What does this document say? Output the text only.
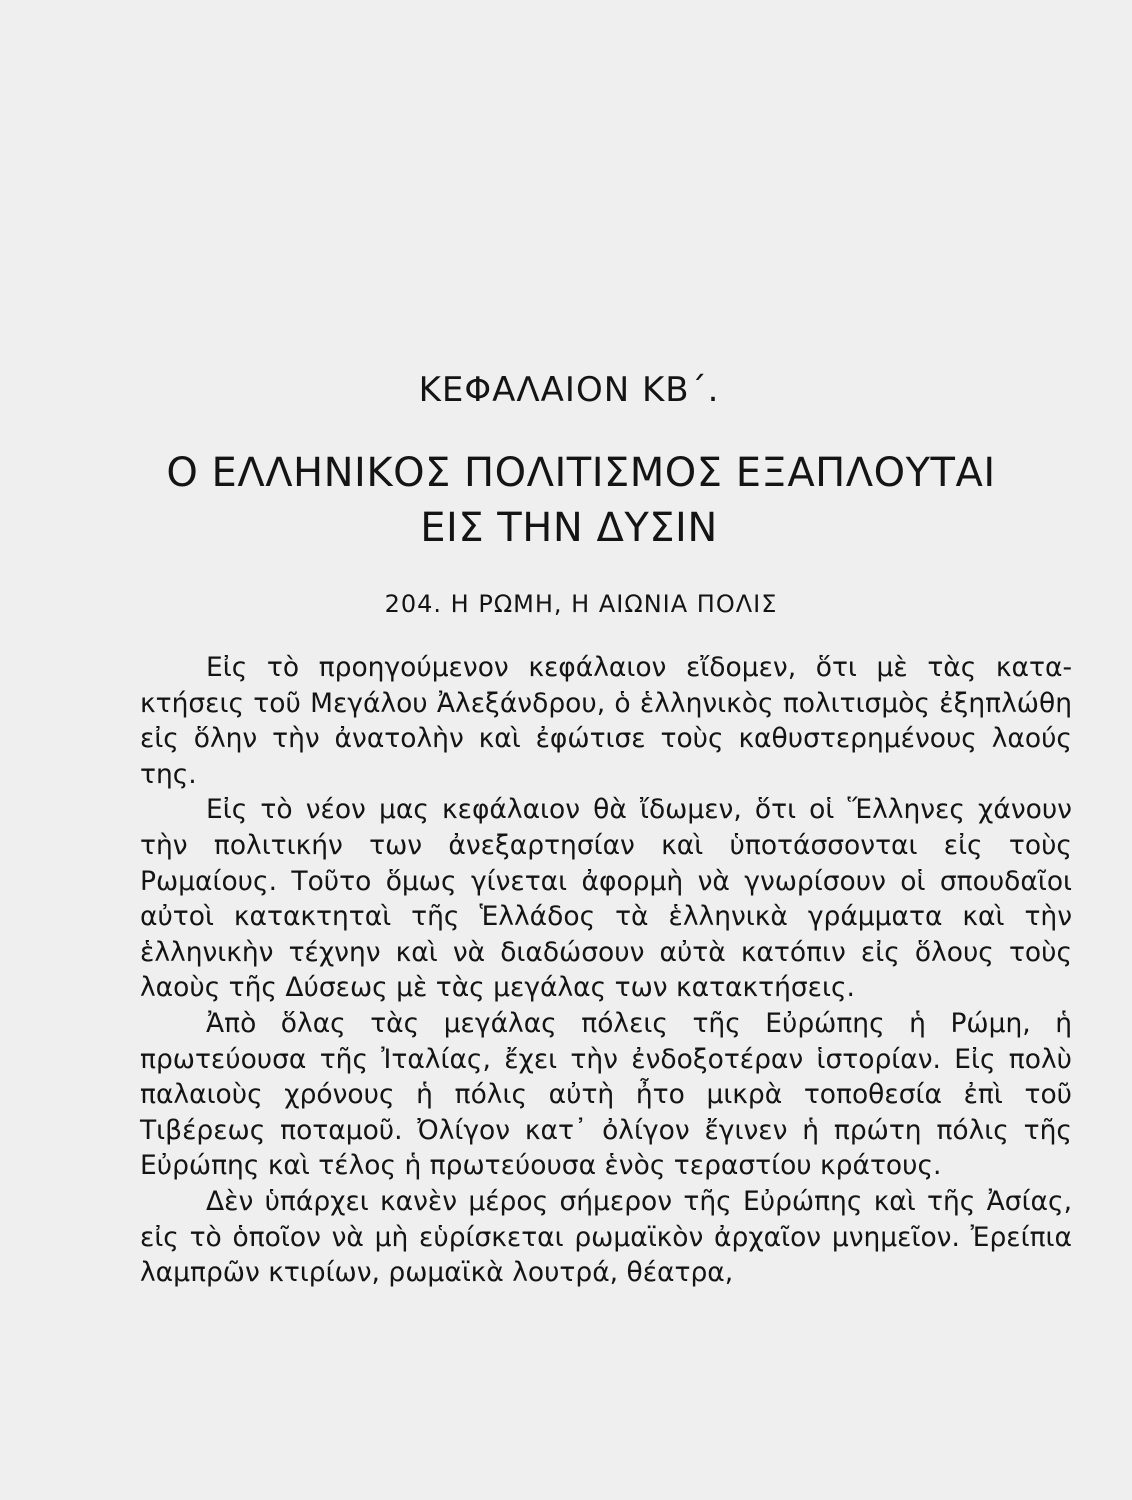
ΚΕΦΑΛΑΙΟΝ ΚΒ΄.
Ο ΕΛΛΗΝΙΚΟΣ ΠΟΛΙΤΙΣΜΟΣ ΕΞΑΠΛΟΥΤΑΙ
ΕΙΣ ΤΗΝ ΔΥΣΙΝ
204. Η ΡΩΜΗ, Η ΑΙΩΝΙΑ ΠΟΛΙΣ

Εἰς τὸ προηγούμενον κεφάλαιον εἴδομεν, ὅτι μὲ τὰς κατακτήσεις τοῦ Μεγάλου Ἀλεξάνδρου, ὁ ἑλληνικὸς πολιτισμὸς ἐξηπλώθη εἰς ὅλην τὴν ἀνατολὴν καὶ ἐφώτισε τοὺς καθυστερημένους λαούς της.

Εἰς τὸ νέον μας κεφάλαιον θὰ ἴδωμεν, ὅτι οἱ Ἕλληνες χάνουν τὴν πολιτικήν των ἀνεξαρτησίαν καὶ ὑποτάσσονται εἰς τοὺς Ρωμαίους. Τοῦτο ὅμως γίνεται ἀφορμὴ νὰ γνωρίσουν οἱ σπουδαῖοι αὐτοὶ κατακτηταὶ τῆς Ἑλλάδος τὰ ἑλληνικὰ γράμματα καὶ τὴν ἑλληνικὴν τέχνην καὶ νὰ διαδώσουν αὐτὰ κατόπιν εἰς ὅλους τοὺς λαοὺς τῆς Δύσεως μὲ τὰς μεγάλας των κατακτήσεις.

Ἀπὸ ὅλας τὰς μεγάλας πόλεις τῆς Εὐρώπης ἡ Ρώμη, ἡ πρωτεύουσα τῆς Ἰταλίας, ἔχει τὴν ἐνδοξοτέραν ἱστορίαν. Εἰς πολὺ παλαιοὺς χρόνους ἡ πόλις αὐτὴ ἦτο μικρὰ τοποθεσία ἐπὶ τοῦ Τιβέρεως ποταμοῦ. Ὀλίγον κατ᾿ ὀλίγον ἔγινεν ἡ πρώτη πόλις τῆς Εὐρώπης καὶ τέλος ἡ πρωτεύουσα ἑνὸς τεραστίου κράτους.

Δὲν ὑπάρχει κανὲν μέρος σήμερον τῆς Εὐρώπης καὶ τῆς Ἀσίας, εἰς τὸ ὁποῖον νὰ μὴ εὑρίσκεται ρωμαϊκὸν ἀρχαῖον μνημεῖον. Ἐρείπια λαμπρῶν κτιρίων, ρωμαϊκὰ λουτρά, θέατρα,
